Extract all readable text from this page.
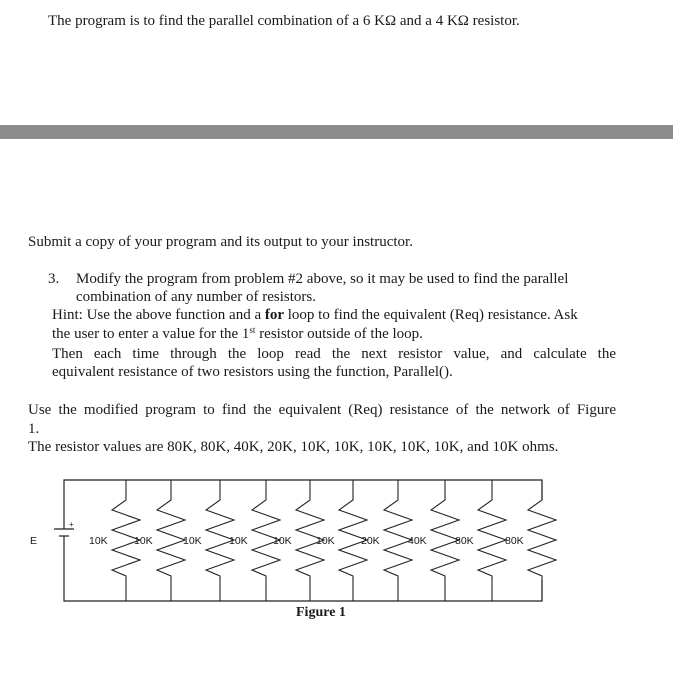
The program is to find the parallel combination of a 6 KΩ and a 4 KΩ resistor.
Submit a copy of your program and its output to your instructor.
3. Modify the program from problem #2 above, so it may be used to find the parallel
combination of any number of resistors.
Hint: Use the above function and a for loop to find the equivalent (Req) resistance. Ask
the user to enter a value for the 1st resistor outside of the loop.
Then each time through the loop read the next resistor value, and calculate the
equivalent resistance of two resistors using the function, Parallel().
Use the modified program to find the equivalent (Req) resistance of the network of Figure
1.
The resistor values are 80K, 80K, 40K, 20K, 10K, 10K, 10K, 10K, 10K, and 10K ohms.
10K	10K	10K	10K 10K 10K	20K	40K	80K	80K
E
+
Figure 1
